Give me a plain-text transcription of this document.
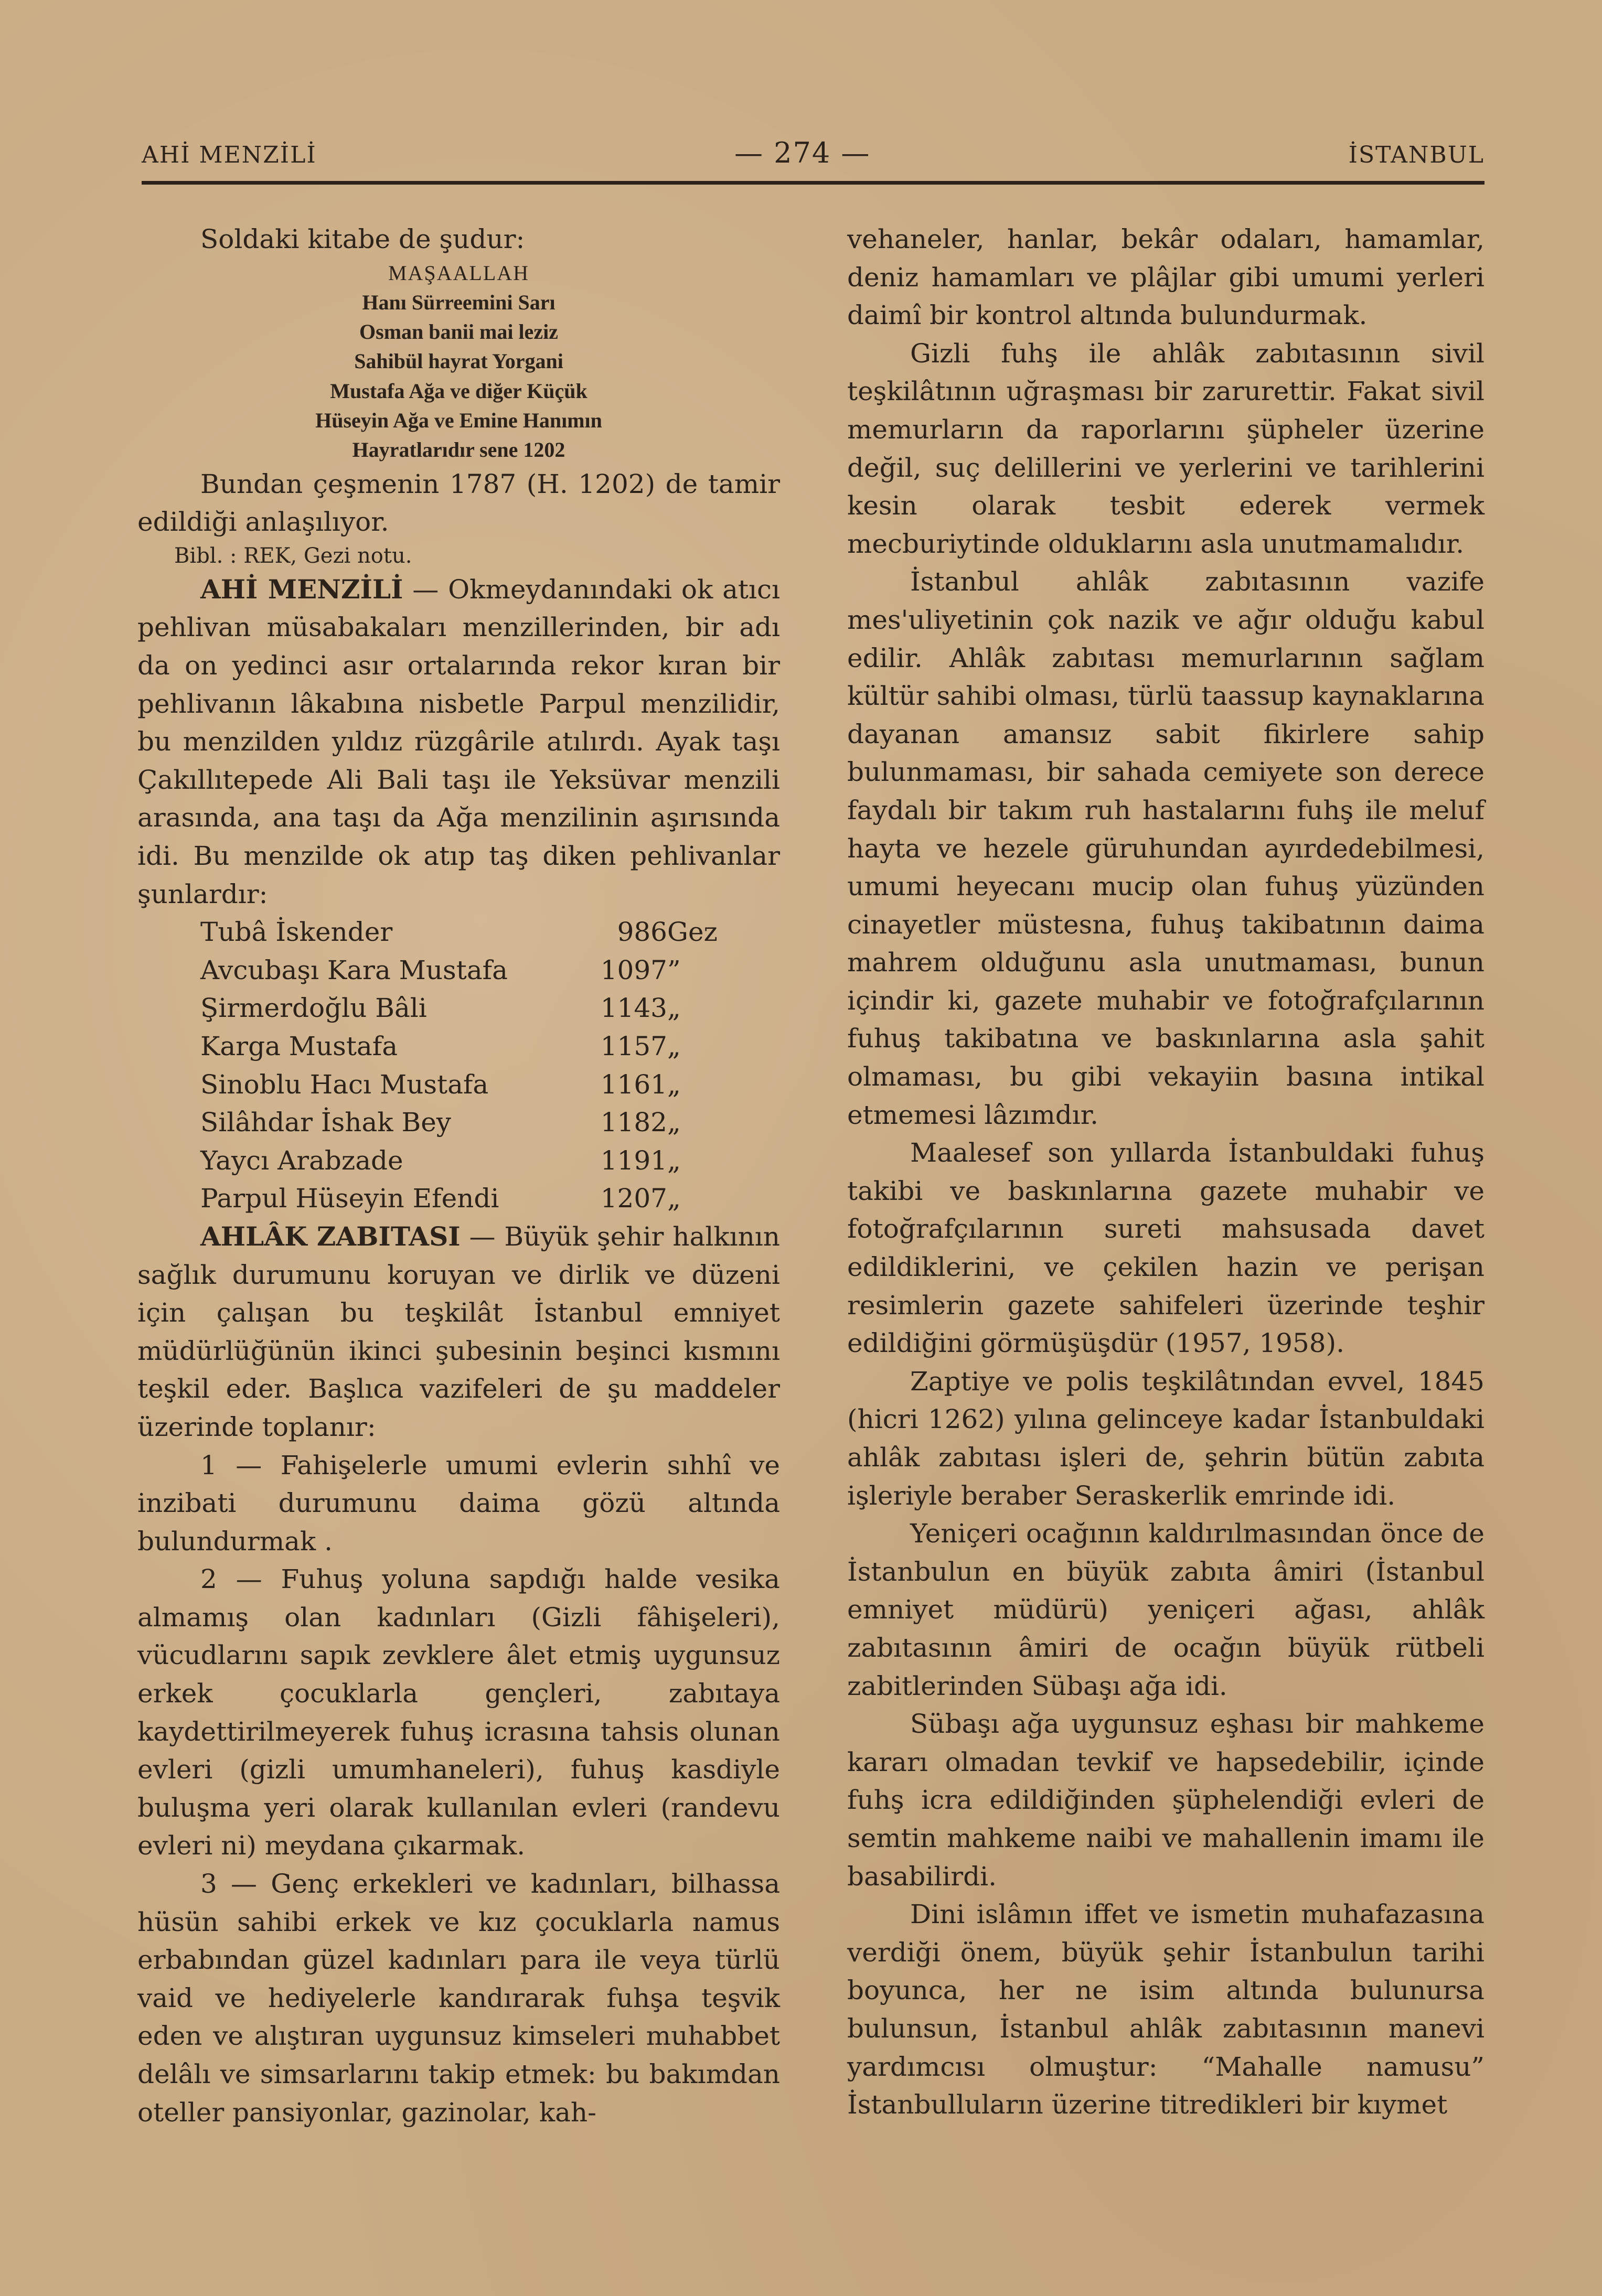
AHİ MENZİLİ	— 274 —	İSTANBUL

Soldaki kitabe de şudur:

MAŞAALLAH
Hanı Sürreemini Sarı
Osman banii mai leziz
Sahibül hayrat Yorgani
Mustafa Ağa ve diğer Küçük
Hüseyin Ağa ve Emine Hanımın
Hayratlarıdır sene 1202

Bundan çeşmenin 1787 (H. 1202) de tamir edildiği anlaşılıyor.

Bibl. : REK, Gezi notu.

AHİ MENZİLİ — Okmeydanındaki ok atıcı pehlivan müsabakaları menzillerinden, bir adı da on yedinci asır ortalarında rekor kıran bir pehlivanın lâkabına nisbetle Parpul menzilidir, bu menzilden yıldız rüzgârile atılırdı. Ayak taşı Çakıllıtepede Ali Bali taşı ile Yeksüvar menzili arasında, ana taşı da Ağa menzilinin aşırısında idi. Bu menzilde ok atıp taş diken pehlivanlar şunlardır:

Tubâ İskender	986	Gez
Avcubaşı Kara Mustafa	1097	”
Şirmerdoğlu Bâli	1143	„
Karga Mustafa	1157	„
Sinoblu Hacı Mustafa	1161	„
Silâhdar İshak Bey	1182	„
Yaycı Arabzade	1191	„
Parpul Hüseyin Efendi	1207	„

AHLÂK ZABITASI — Büyük şehir halkının sağlık durumunu koruyan ve dirlik ve düzeni için çalışan bu teşkilât İstanbul emniyet müdürlüğünün ikinci şubesinin beşinci kısmını teşkil eder. Başlıca vazifeleri de şu maddeler üzerinde toplanır:

1 — Fahişelerle umumi evlerin sıhhî ve inzibati durumunu daima gözü altında bulundurmak .

2 — Fuhuş yoluna sapdığı halde vesika almamış olan kadınları (Gizli fâhişeleri), vücudlarını sapık zevklere âlet etmiş uygunsuz erkek çocuklarla gençleri, zabıtaya kaydettirilmeyerek fuhuş icrasına tahsis olunan evleri (gizli umumhaneleri), fuhuş kasdiyle buluşma yeri olarak kullanılan evleri (randevu evleri ni) meydana çıkarmak.

3 — Genç erkekleri ve kadınları, bilhassa hüsün sahibi erkek ve kız çocuklarla namus erbabından güzel kadınları para ile veya türlü vaid ve hediyelerle kandırarak fuhşa teşvik eden ve alıştıran uygunsuz kimseleri muhabbet delâlı ve simsarlarını takip etmek: bu bakımdan oteller pansiyonlar, gazinolar, kah-

vehaneler, hanlar, bekâr odaları, hamamlar, deniz hamamları ve plâjlar gibi umumi yerleri daimî bir kontrol altında bulundurmak.

Gizli fuhş ile ahlâk zabıtasının sivil teşkilâtının uğraşması bir zarurettir. Fakat sivil memurların da raporlarını şüpheler üzerine değil, suç delillerini ve yerlerini ve tarihlerini kesin olarak tesbit ederek vermek mecburiytinde olduklarını asla unutmamalıdır.

İstanbul ahlâk zabıtasının vazife mes'uliyetinin çok nazik ve ağır olduğu kabul edilir. Ahlâk zabıtası memurlarının sağlam kültür sahibi olması, türlü taassup kaynaklarına dayanan amansız sabit fikirlere sahip bulunmaması, bir sahada cemiyete son derece faydalı bir takım ruh hastalarını fuhş ile meluf hayta ve hezele güruhundan ayırdedebilmesi, umumi heyecanı mucip olan fuhuş yüzünden cinayetler müstesna, fuhuş takibatının daima mahrem olduğunu asla unutmaması, bunun içindir ki, gazete muhabir ve fotoğrafçılarının fuhuş takibatına ve baskınlarına asla şahit olmaması, bu gibi vekayiin basına intikal etmemesi lâzımdır.

Maalesef son yıllarda İstanbuldaki fuhuş takibi ve baskınlarına gazete muhabir ve fotoğrafçılarının sureti mahsusada davet edildiklerini, ve çekilen hazin ve perişan resimlerin gazete sahifeleri üzerinde teşhir edildiğini görmüşüşdür (1957, 1958).

Zaptiye ve polis teşkilâtından evvel, 1845 (hicri 1262) yılına gelinceye kadar İstanbuldaki ahlâk zabıtası işleri de, şehrin bütün zabıta işleriyle beraber Seraskerlik emrinde idi.

Yeniçeri ocağının kaldırılmasından önce de İstanbulun en büyük zabıta âmiri (İstanbul emniyet müdürü) yeniçeri ağası, ahlâk zabıtasının âmiri de ocağın büyük rütbeli zabitlerinden Sübaşı ağa idi.

Sübaşı ağa uygunsuz eşhası bir mahkeme kararı olmadan tevkif ve hapsedebilir, içinde fuhş icra edildiğinden şüphelendiği evleri de semtin mahkeme naibi ve mahallenin imamı ile basabilirdi.

Dini islâmın iffet ve ismetin muhafazasına verdiği önem, büyük şehir İstanbulun tarihi boyunca, her ne isim altında bulunursa bulunsun, İstanbul ahlâk zabıtasının manevi yardımcısı olmuştur: “Mahalle namusu” İstanbulluların üzerine titredikleri bir kıymet
